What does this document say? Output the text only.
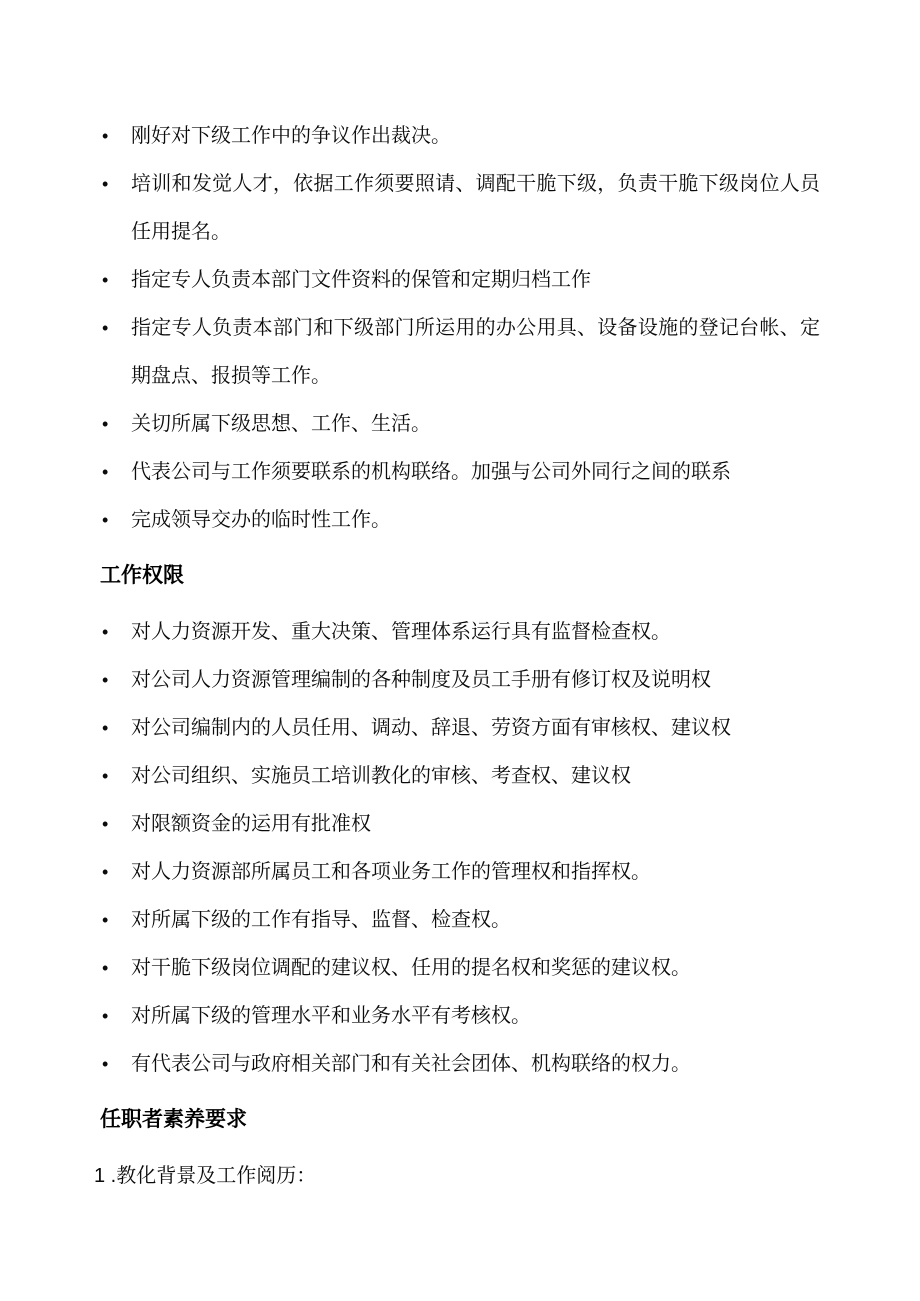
• 刚好对下级工作中的争议作出裁决。
• 培训和发觉人才，依据工作须要照请、调配干脆下级，负责干脆下级岗位人员任用提名。
• 指定专人负责本部门文件资料的保管和定期归档工作
• 指定专人负责本部门和下级部门所运用的办公用具、设备设施的登记台帐、定期盘点、报损等工作。
• 关切所属下级思想、工作、生活。
• 代表公司与工作须要联系的机构联络。加强与公司外同行之间的联系
• 完成领导交办的临时性工作。
工作权限
• 对人力资源开发、重大决策、管理体系运行具有监督检查权。
• 对公司人力资源管理编制的各种制度及员工手册有修订权及说明权
• 对公司编制内的人员任用、调动、辞退、劳资方面有审核权、建议权
• 对公司组织、实施员工培训教化的审核、考查权、建议权
• 对限额资金的运用有批准权
• 对人力资源部所属员工和各项业务工作的管理权和指挥权。
• 对所属下级的工作有指导、监督、检查权。
• 对干脆下级岗位调配的建议权、任用的提名权和奖惩的建议权。
• 对所属下级的管理水平和业务水平有考核权。
• 有代表公司与政府相关部门和有关社会团体、机构联络的权力。
任职者素养要求

1 .教化背景及工作阅历：
